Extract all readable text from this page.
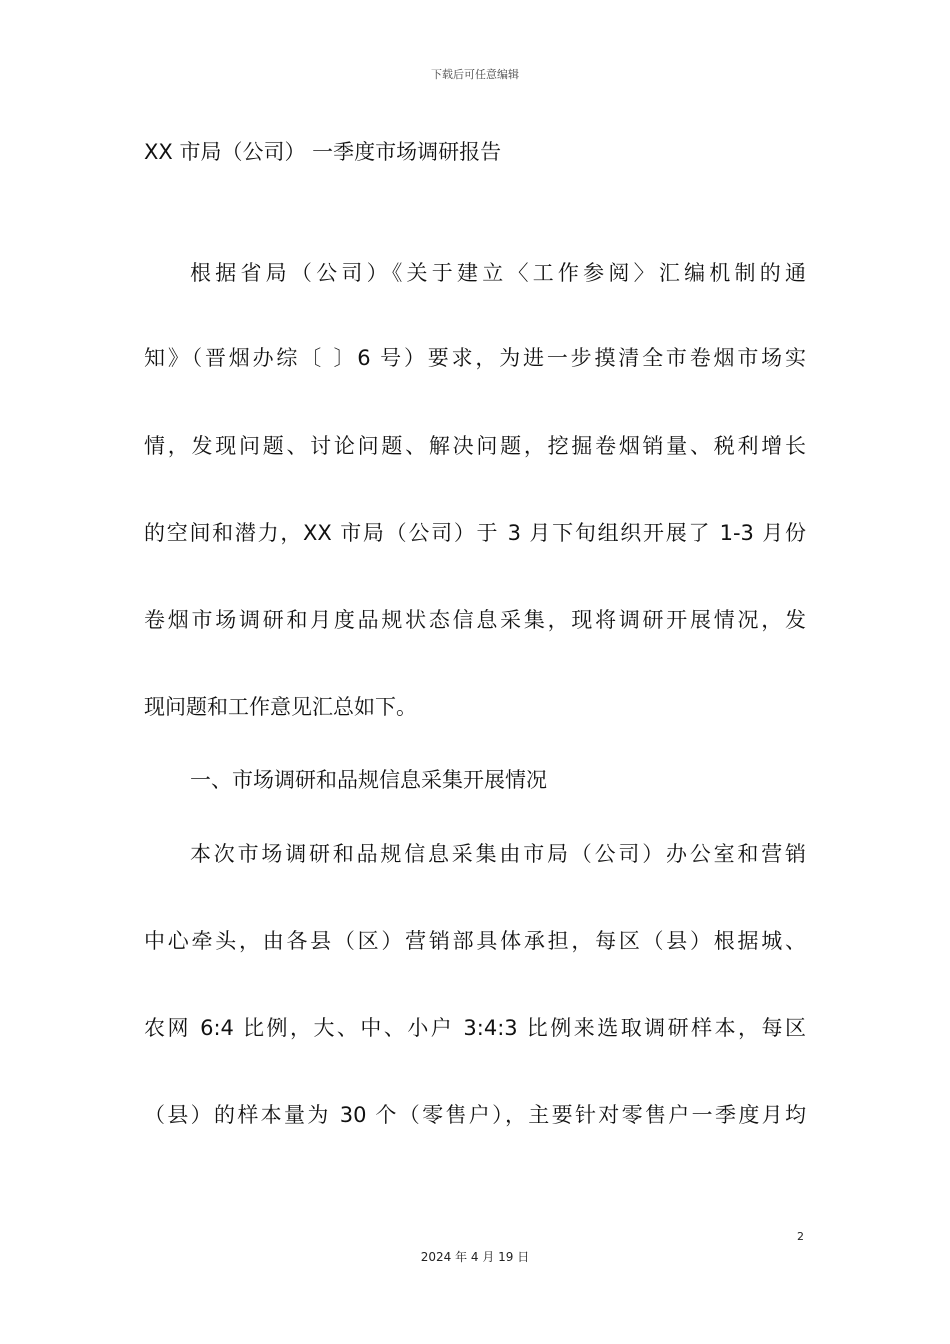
下载后可任意编辑
XX 市局（公司） 一季度市场调研报告
根据省局（公司）《关于建立〈工作参阅〉汇编机制的通
知》（晋烟办综〔 〕6 号）要求，为进一步摸清全市卷烟市场实
情，发现问题、讨论问题、解决问题，挖掘卷烟销量、税利增长
的空间和潜力，XX 市局（公司）于 3 月下旬组织开展了 1-3 月份
卷烟市场调研和月度品规状态信息采集，现将调研开展情况，发
现问题和工作意见汇总如下。
一、市场调研和品规信息采集开展情况
本次市场调研和品规信息采集由市局（公司）办公室和营销
中心牵头，由各县（区）营销部具体承担，每区（县）根据城、
农网 6:4 比例，大、中、小户 3:4:3 比例来选取调研样本，每区
（县）的样本量为 30 个（零售户），主要针对零售户一季度月均
2
2024 年 4 月 19 日
